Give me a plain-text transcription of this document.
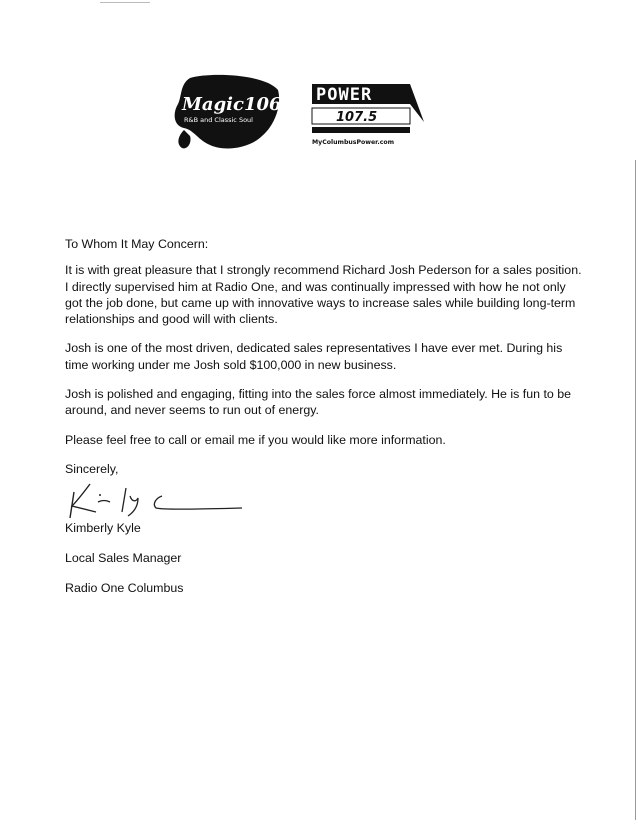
Magic106.3
R&B and Classic Soul
POWER
107.5
MyColumbusPower.com

To Whom It May Concern:

It is with great pleasure that I strongly recommend Richard Josh Pederson for a sales position. I directly supervised him at Radio One, and was continually impressed with how he not only got the job done, but came up with innovative ways to increase sales while building long-term relationships and good will with clients.

Josh is one of the most driven, dedicated sales representatives I have ever met. During his time working under me Josh sold $100,000 in new business.

Josh is polished and engaging, fitting into the sales force almost immediately. He is fun to be around, and never seems to run out of energy.

Please feel free to call or email me if you would like more information.

Sincerely,
Kimberly Kyle
Local Sales Manager
Radio One Columbus
